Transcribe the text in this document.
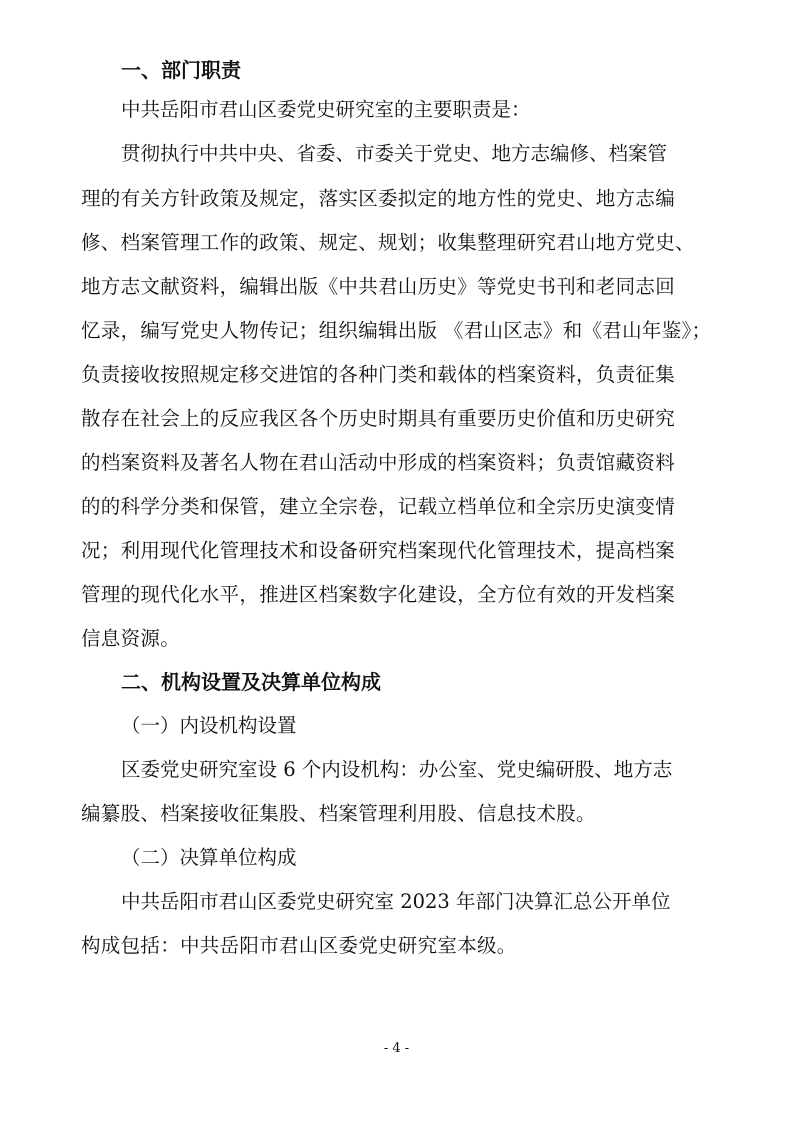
一、部门职责
中共岳阳市君山区委党史研究室的主要职责是：
贯彻执行中共中央、省委、市委关于党史、地方志编修、档案管
理的有关方针政策及规定，落实区委拟定的地方性的党史、地方志编
修、档案管理工作的政策、规定、规划；收集整理研究君山地方党史、
地方志文献资料，编辑出版《中共君山历史》等党史书刊和老同志回
忆录，编写党史人物传记；组织编辑出版 《君山区志》和《君山年鉴》；
负责接收按照规定移交进馆的各种门类和载体的档案资料，负责征集
散存在社会上的反应我区各个历史时期具有重要历史价值和历史研究
的档案资料及著名人物在君山活动中形成的档案资料；负责馆藏资料
的的科学分类和保管，建立全宗卷，记载立档单位和全宗历史演变情
况；利用现代化管理技术和设备研究档案现代化管理技术，提高档案
管理的现代化水平，推进区档案数字化建设，全方位有效的开发档案
信息资源。
二、机构设置及决算单位构成
（一）内设机构设置
区委党史研究室设 6 个内设机构：办公室、党史编研股、地方志
编纂股、档案接收征集股、档案管理利用股、信息技术股。
（二）决算单位构成
中共岳阳市君山区委党史研究室 2023 年部门决算汇总公开单位
构成包括：中共岳阳市君山区委党史研究室本级。
- 4 -
